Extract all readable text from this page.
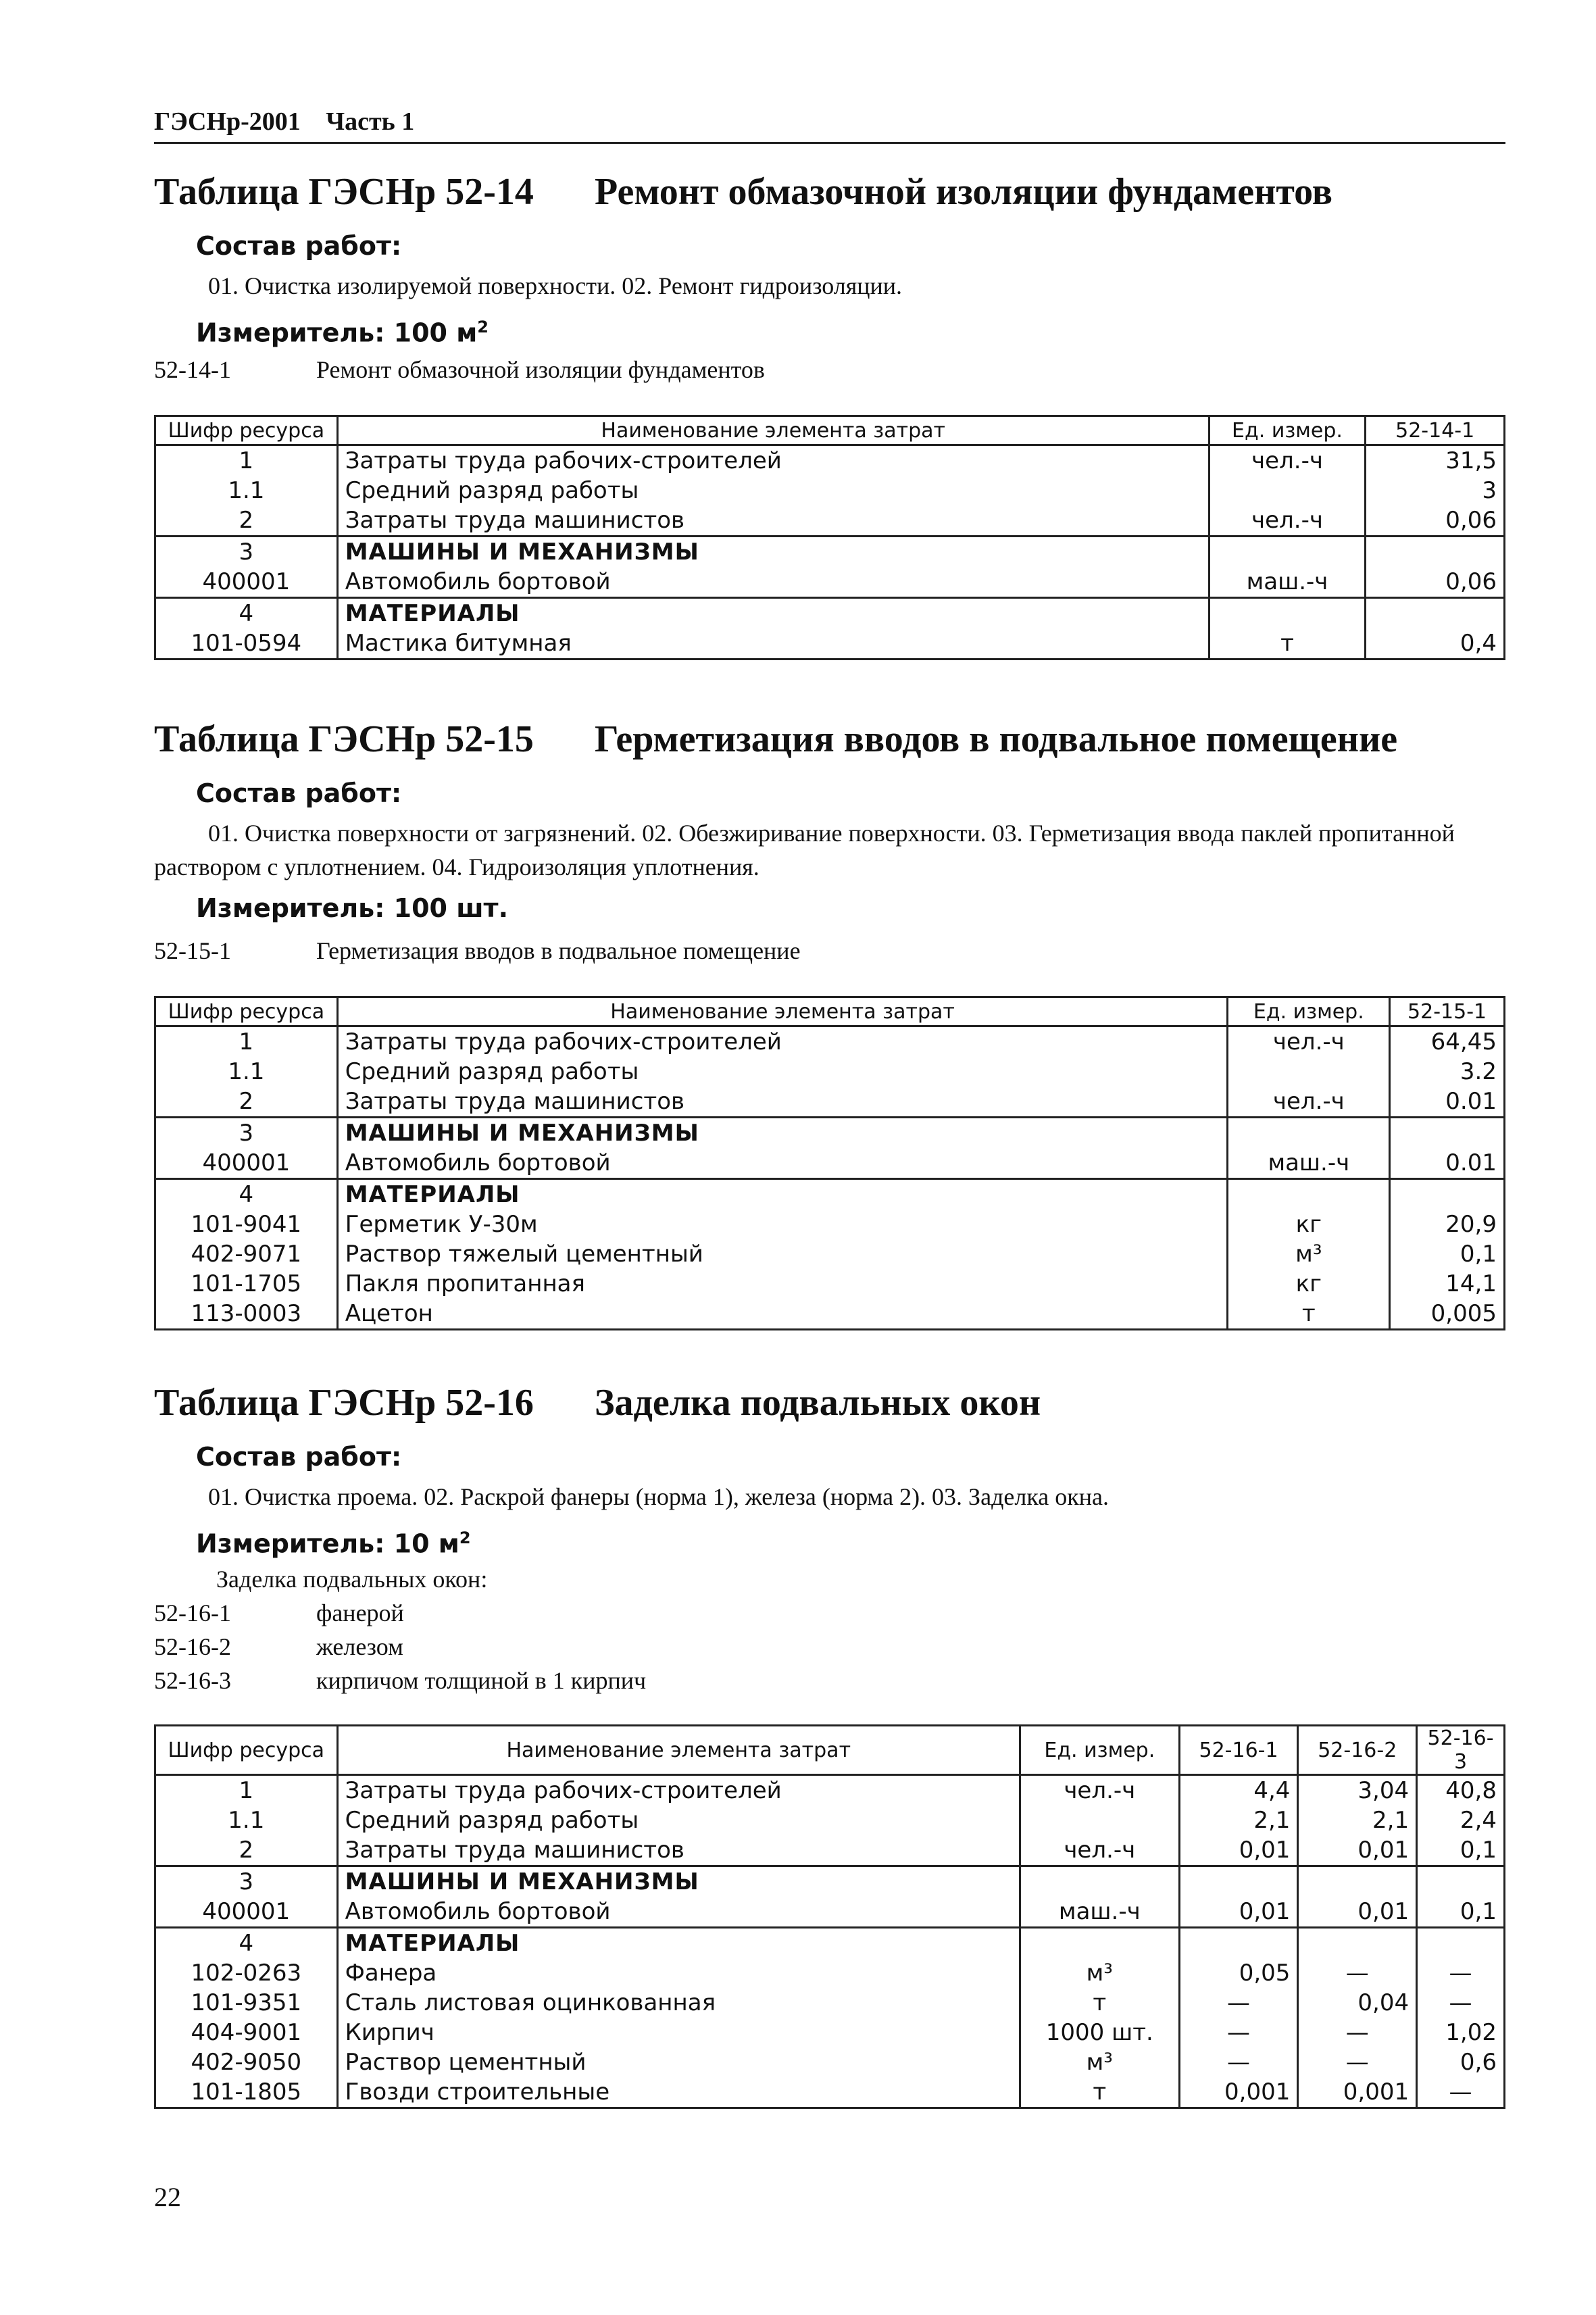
ГЭСНр-2001 Часть 1
Таблица ГЭСНр 52-14	Ремонт обмазочной изоляции фундаментов
Состав работ:
01. Очистка изолируемой поверхности. 02. Ремонт гидроизоляции.
Измеритель: 100 $м^2$
52-14-1	Ремонт обмазочной изоляции фундаментов
Шифр ресурса	Наименование элемента затрат	Ед. измер.	52-14-1
1	Затраты труда рабочих-строителей	чел.-ч	31,5
1.1	Средний разряд работы		3
2	Затраты труда машинистов	чел.-ч	0,06
3	МАШИНЫ И МЕХАНИЗМЫ		
400001	Автомобиль бортовой	маш.-ч	0,06
4	МАТЕРИАЛЫ		
101-0594	Мастика битумная	т	0,4
Таблица ГЭСНр 52-15	Герметизация вводов в подвальное помещение
Состав работ:
01. Очистка поверхности от загрязнений. 02. Обезжиривание поверхности. 03. Герметизация ввода паклей пропитанной раствором с уплотнением. 04. Гидроизоляция уплотнения.
Измеритель: 100 шт.
52-15-1	Герметизация вводов в подвальное помещение
Шифр ресурса	Наименование элемента затрат	Ед. измер.	52-15-1
1	Затраты труда рабочих-строителей	чел.-ч	64,45
1.1	Средний разряд работы		3.2
2	Затраты труда машинистов	чел.-ч	0.01
3	МАШИНЫ И МЕХАНИЗМЫ		
400001	Автомобиль бортовой	маш.-ч	0.01
4	МАТЕРИАЛЫ		
101-9041	Герметик У-30м	кг	20,9
402-9071	Раствор тяжелый цементный	м³	0,1
101-1705	Пакля пропитанная	кг	14,1
113-0003	Ацетон	т	0,005
Таблица ГЭСНр 52-16	Заделка подвальных окон
Состав работ:
01. Очистка проема. 02. Раскрой фанеры (норма 1), железа (норма 2). 03. Заделка окна.
Измеритель: 10 $м^2$
Заделка подвальных окон:
52-16-1	фанерой
52-16-2	железом
52-16-3	кирпичом толщиной в 1 кирпич
Шифр ресурса	Наименование элемента затрат	Ед. измер.	52-16-1	52-16-2	52-16-3
1	Затраты труда рабочих-строителей	чел.-ч	4,4	3,04	40,8
1.1	Средний разряд работы		2,1	2,1	2,4
2	Затраты труда машинистов	чел.-ч	0,01	0,01	0,1
3	МАШИНЫ И МЕХАНИЗМЫ				
400001	Автомобиль бортовой	маш.-ч	0,01	0,01	0,1
4	МАТЕРИАЛЫ				
102-0263	Фанера	м³	0,05	—	—
101-9351	Сталь листовая оцинкованная	т	—	0,04	—
404-9001	Кирпич	1000 шт.	—	—	1,02
402-9050	Раствор цементный	м³	—	—	0,6
101-1805	Гвозди строительные	т	0,001	0,001	—
22
